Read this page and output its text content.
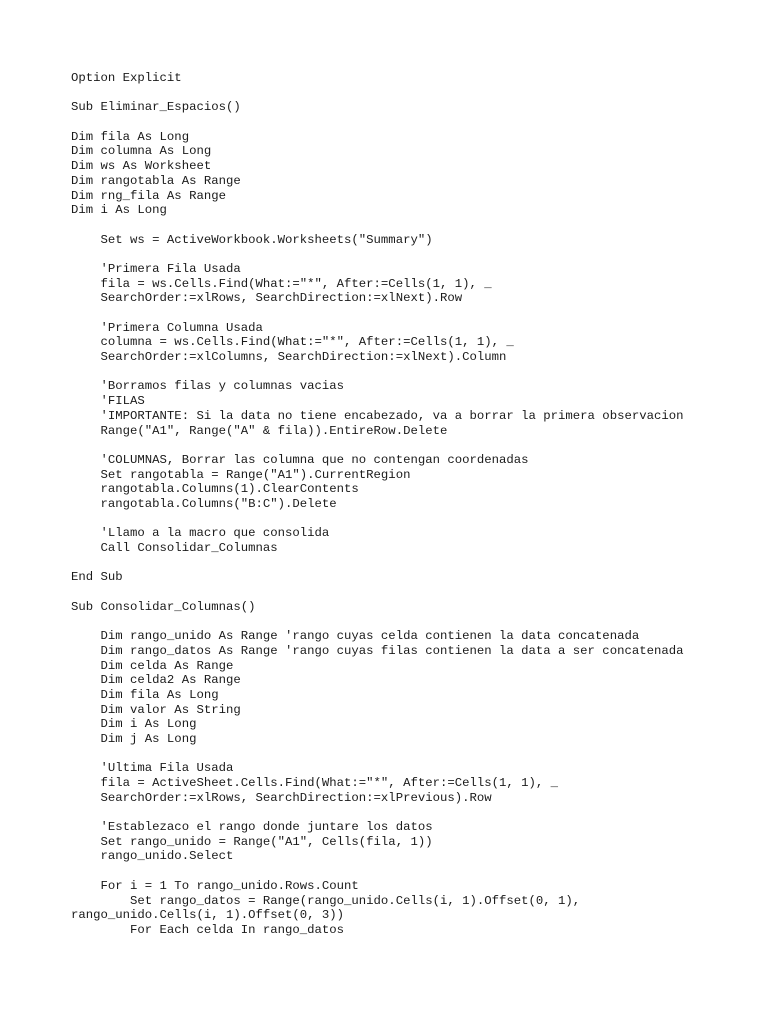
Option Explicit
Sub Eliminar_Espacios()
Dim fila As Long
Dim columna As Long
Dim ws As Worksheet
Dim rangotabla As Range
Dim rng_fila As Range
Dim i As Long
Set ws = ActiveWorkbook.Worksheets("Summary")
'Primera Fila Usada
fila = ws.Cells.Find(What:="*", After:=Cells(1, 1), _
SearchOrder:=xlRows, SearchDirection:=xlNext).Row
'Primera Columna Usada
columna = ws.Cells.Find(What:="*", After:=Cells(1, 1), _
SearchOrder:=xlColumns, SearchDirection:=xlNext).Column
'Borramos filas y columnas vacias
'FILAS
'IMPORTANTE: Si la data no tiene encabezado, va a borrar la primera observacion
Range("A1", Range("A" & fila)).EntireRow.Delete
'COLUMNAS, Borrar las columna que no contengan coordenadas
Set rangotabla = Range("A1").CurrentRegion
rangotabla.Columns(1).ClearContents
rangotabla.Columns("B:C").Delete
'Llamo a la macro que consolida
Call Consolidar_Columnas
End Sub
Sub Consolidar_Columnas()
Dim rango_unido As Range 'rango cuyas celda contienen la data concatenada
Dim rango_datos As Range 'rango cuyas filas contienen la data a ser concatenada
Dim celda As Range
Dim celda2 As Range
Dim fila As Long
Dim valor As String
Dim i As Long
Dim j As Long
'Ultima Fila Usada
fila = ActiveSheet.Cells.Find(What:="*", After:=Cells(1, 1), _
SearchOrder:=xlRows, SearchDirection:=xlPrevious).Row
'Establezaco el rango donde juntare los datos
Set rango_unido = Range("A1", Cells(fila, 1))
rango_unido.Select
For i = 1 To rango_unido.Rows.Count
Set rango_datos = Range(rango_unido.Cells(i, 1).Offset(0, 1),
rango_unido.Cells(i, 1).Offset(0, 3))
For Each celda In rango_datos
